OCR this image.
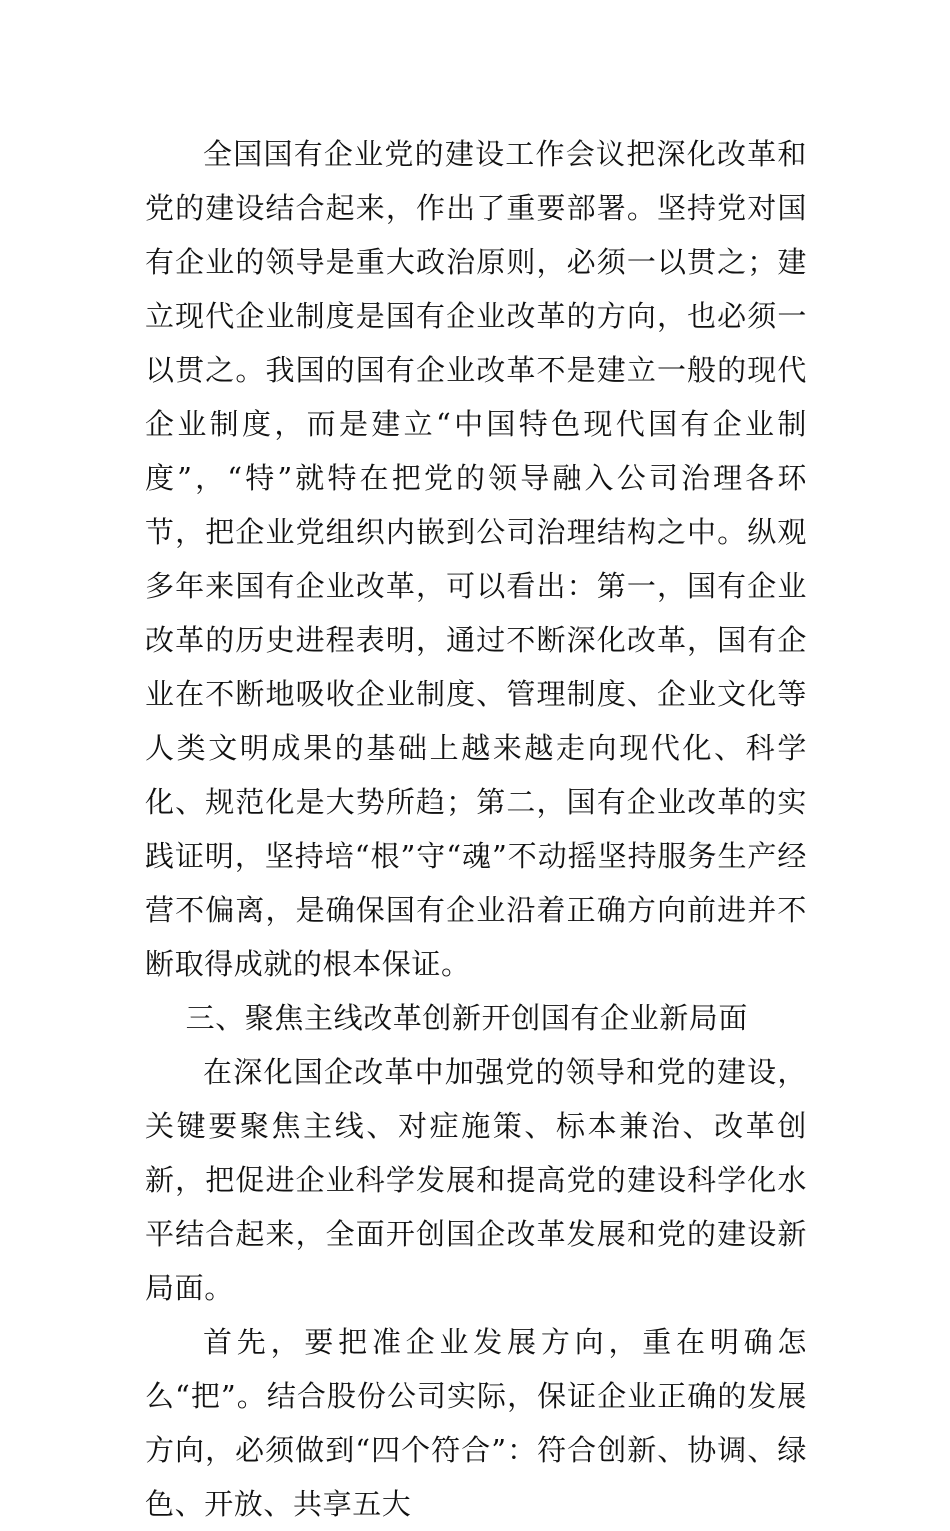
全国国有企业党的建设工作会议把深化改革和党的建设结合起来，作出了重要部署。坚持党对国有企业的领导是重大政治原则，必须一以贯之；建立现代企业制度是国有企业改革的方向，也必须一以贯之。我国的国有企业改革不是建立一般的现代企业制度，而是建立“中国特色现代国有企业制度”，“特”就特在把党的领导融入公司治理各环节，把企业党组织内嵌到公司治理结构之中。纵观多年来国有企业改革，可以看出：第一，国有企业改革的历史进程表明，通过不断深化改革，国有企业在不断地吸收企业制度、管理制度、企业文化等人类文明成果的基础上越来越走向现代化、科学化、规范化是大势所趋；第二，国有企业改革的实践证明，坚持培“根”守“魂”不动摇坚持服务生产经营不偏离，是确保国有企业沿着正确方向前进并不断取得成就的根本保证。

三、聚焦主线改革创新开创国有企业新局面

在深化国企改革中加强党的领导和党的建设，关键要聚焦主线、对症施策、标本兼治、改革创新，把促进企业科学发展和提高党的建设科学化水平结合起来，全面开创国企改革发展和党的建设新局面。

首先，要把准企业发展方向，重在明确怎么“把”。结合股份公司实际，保证企业正确的发展方向，必须做到“四个符合”：符合创新、协调、绿色、开放、共享五大
